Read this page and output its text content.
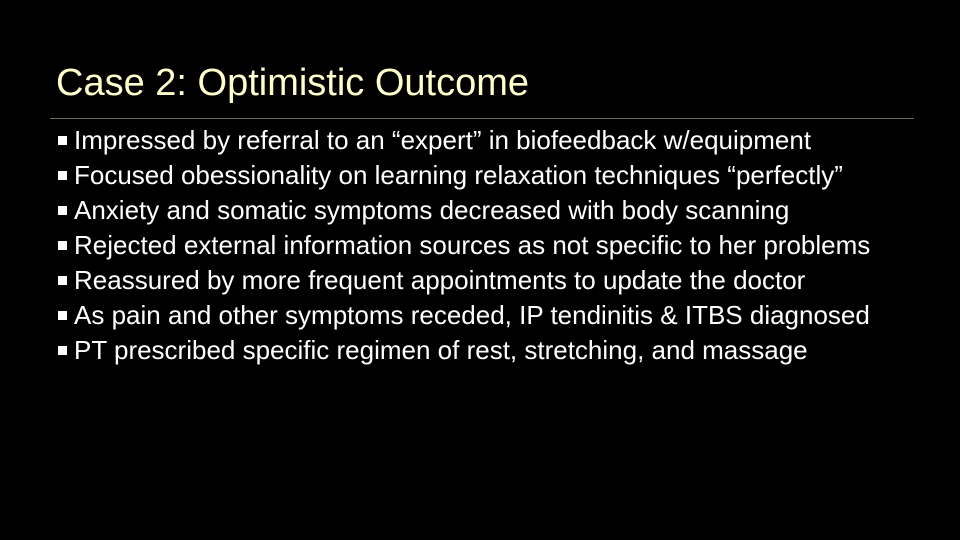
Case 2: Optimistic Outcome
Impressed by referral to an “expert” in biofeedback w/equipment
Focused obessionality on learning relaxation techniques “perfectly”
Anxiety and somatic symptoms decreased with body scanning
Rejected external information sources as not specific to her problems
Reassured by more frequent appointments to update the doctor
As pain and other symptoms receded, IP tendinitis & ITBS diagnosed
PT prescribed specific regimen of rest, stretching, and massage
